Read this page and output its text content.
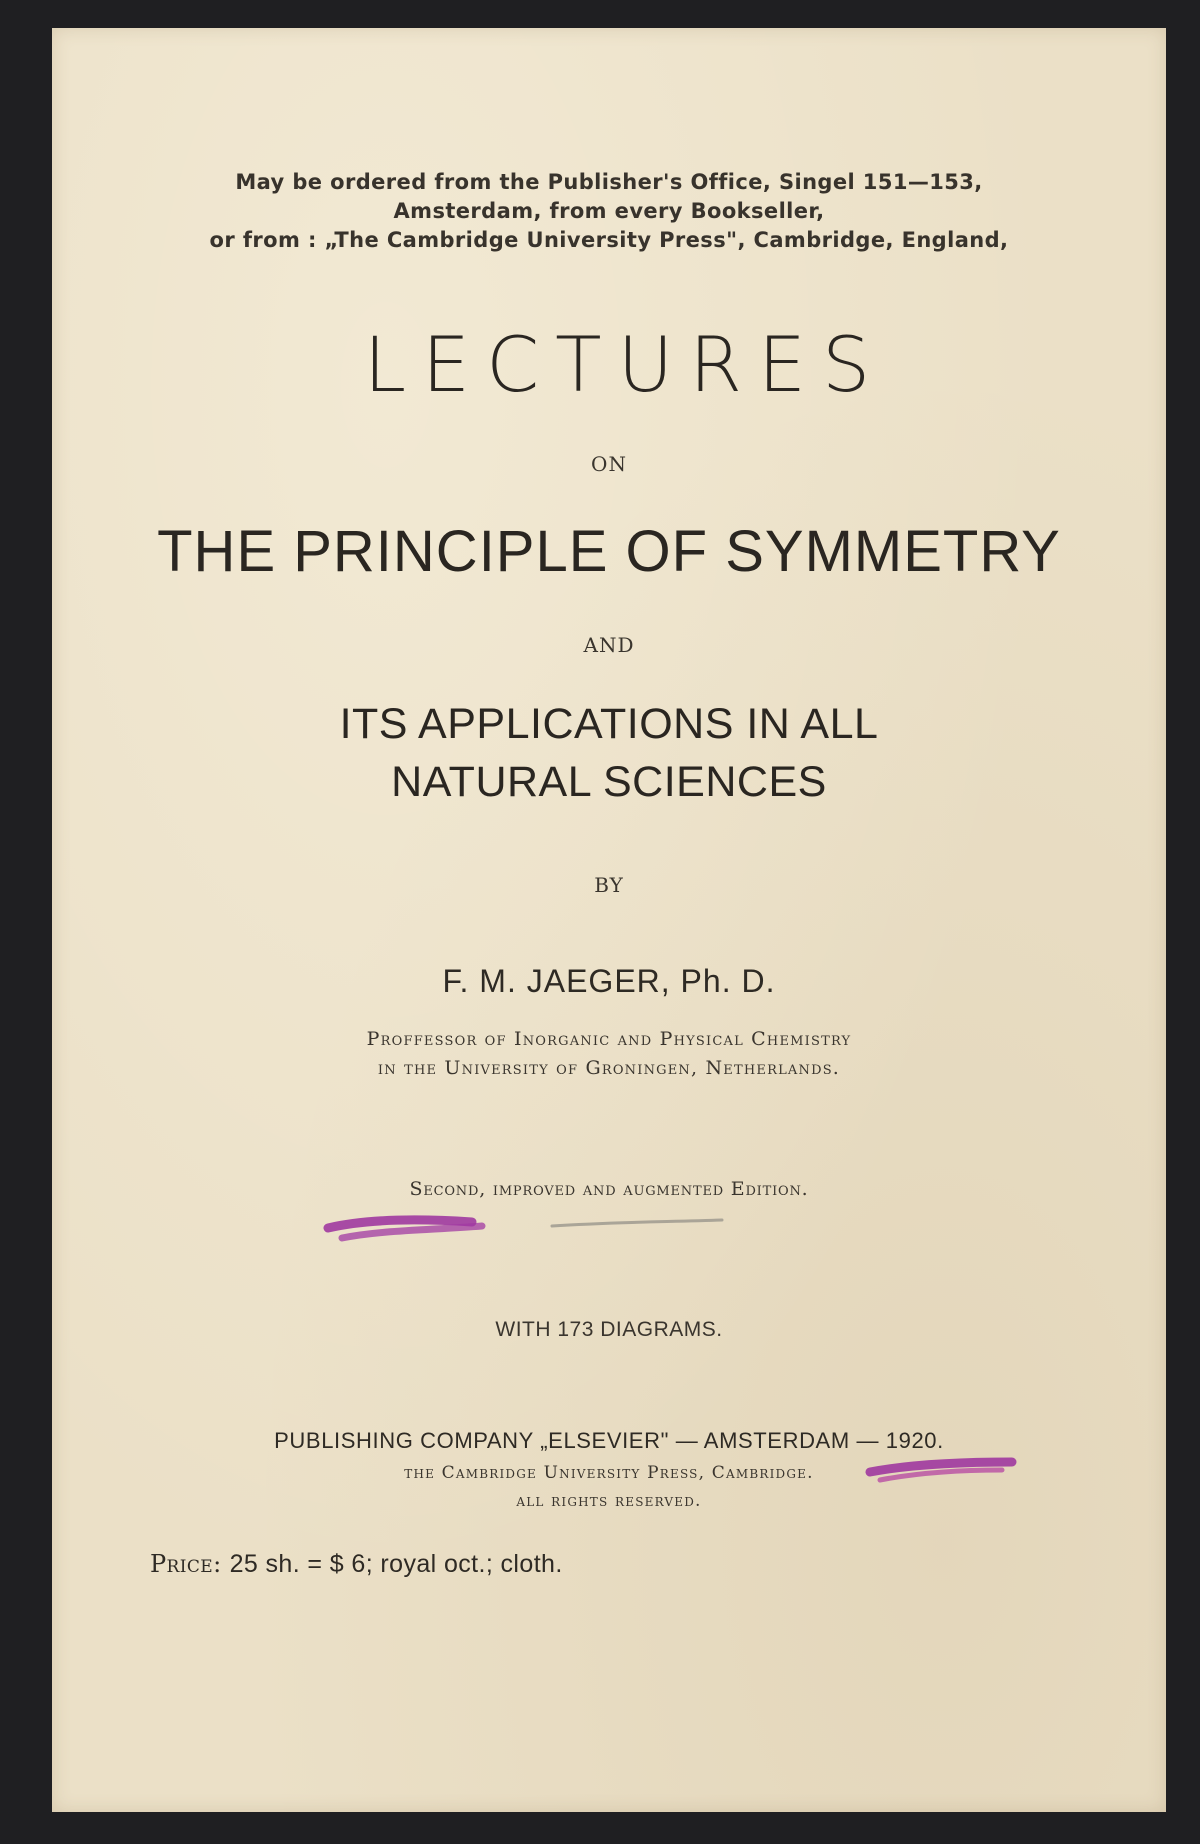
May be ordered from the Publisher's Office, Singel 151—153,
Amsterdam, from every Bookseller,
or from : „The Cambridge University Press", Cambridge, England,
LECTURES
ON
THE PRINCIPLE OF SYMMETRY
AND
ITS APPLICATIONS IN ALL
NATURAL SCIENCES
BY
F. M. JAEGER, Ph. D.
Proffessor of Inorganic and Physical Chemistry
in the University of Groningen, Netherlands.
Second, improved and augmented Edition.
WITH 173 DIAGRAMS.
PUBLISHING COMPANY „ELSEVIER" — AMSTERDAM — 1920.
the Cambridge University Press, Cambridge.
all rights reserved.
Price: 25 sh. = $ 6; royal oct.; cloth.
